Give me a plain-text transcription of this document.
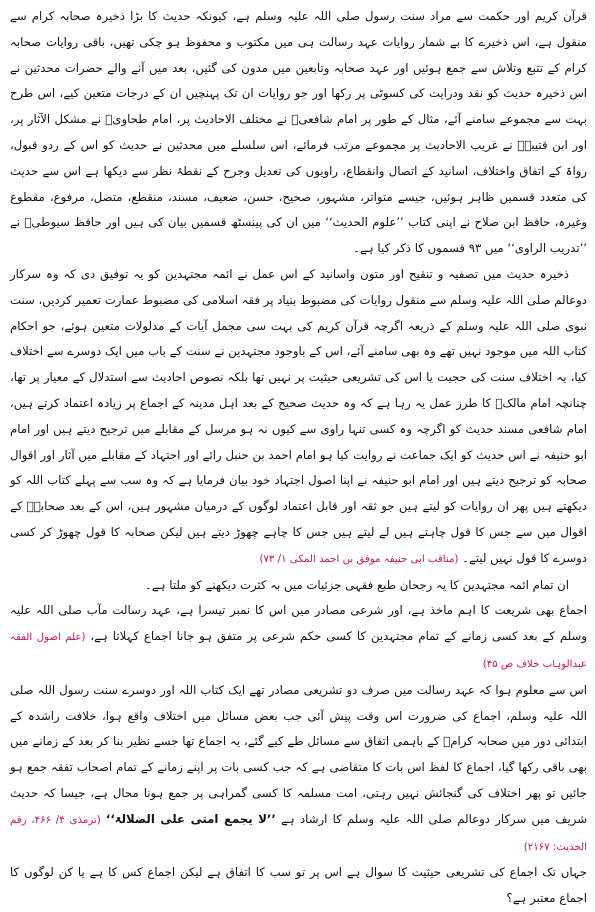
قرآن کریم اور حکمت سے مراد سنت رسول صلی اللہ علیہ وسلم ہے، کیونکہ حدیث کا بڑا ذخیرہ صحابہ کرام سے منقول ہے، اس ذخیرے کا بے شمار روایات عہد رسالت ہی میں مکتوب و محفوظ ہو چکی تھیں، باقی روایات صحابہ کرام کے تتبع وتلاش سے جمع ہوئیں اور عہد صحابہ وتابعین میں مدون کی گئیں، بعد میں آنے والے حضرات محدثین نے اس ذخیرہ حدیث کو نقد ودرایت کی کسوٹی پر رکھا اور جو روایات ان تک پہنچیں ان کے درجات متعین کیے، اس طرح بہت سے مجموعے سامنے آئے، مثال کے طور پر امام شافعیؒ نے مختلف الاحادیث پر، امام طحاویؒ نے مشکل الآثار پر، اور ابن قتیبہؒ نے غریب الاحادیث پر مجموعے مرتب فرمائے، اس سلسلے میں محدثین نے حدیث کو اس کے ردو قبول، رواۃ کے اتفاق واختلاف، اسانید کے اتصال وانقطاع، راویوں کی تعدیل وجرح کے نقطۂ نظر سے دیکھا ہے اس سے حدیث کی متعدد قسمیں ظاہر ہوئیں، جیسے متواتر، مشہور، صحیح، حسن، ضعیف، مسند، منقطع، متصل، مرفوع، مقطوع وغیرہ، حافظ ابن صلاح نے اپنی کتاب ’’علوم الحدیث‘‘ میں ان کی پینسٹھ قسمیں بیان کی ہیں اور حافظ سیوطیؒ نے ’’تدریب الراوی‘‘ میں ۹۳ قسموں کا ذکر کیا ہے۔

ذخیرہ حدیث میں تصفیہ و تنقیح اور متون واسانید کے اس عمل نے ائمہ مجتہدین کو یہ توفیق دی کہ وہ سرکار دوعالم صلی اللہ علیہ وسلم سے منقول روایات کی مضبوط بنیاد پر فقہ اسلامی کی مضبوط عمارت تعمیر کردیں، سنت نبوی صلی اللہ علیہ وسلم کے ذریعہ اگرچہ قرآن کریم کی بہت سی مجمل آیات کے مدلولات متعین ہوئے، جو احکام کتاب اللہ میں موجود نہیں تھے وہ بھی سامنے آئے، اس کے باوجود مجتہدین نے سنت کے باب میں ایک دوسرے سے اختلاف کیا، یہ اختلاف سنت کی حجیت یا اس کی تشریعی حیثیت پر نہیں تھا بلکہ نصوص احادیث سے استدلال کے معیار پر تھا، چنانچہ امام مالکؒ کا طرز عمل یہ رہا ہے کہ وہ حدیث صحیح کے بعد اہل مدینہ کے اجماع پر زیادہ اعتماد کرتے ہیں، امام شافعی مسند حدیث کو اگرچہ وہ کسی تنہا راوی سے کیوں نہ ہو مرسل کے مقابلے میں ترجیح دیتے ہیں اور امام ابو حنیفہ نے اس حدیث کو ایک جماعت نے روایت کیا ہو امام احمد بن حنبل رائے اور اجتہاد کے مقابلے میں آثار اور اقوال صحابہ کو ترجیح دیتے ہیں اور امام ابو حنیفہ نے اپنا اصول اجتہاد خود بیان فرمایا ہے کہ وہ سب سے پہلے کتاب اللہ کو دیکھتے ہیں پھر ان روایات کو لیتے ہیں جو ثقہ اور قابل اعتماد لوگوں کے درمیان مشہور ہیں، اس کے بعد صحابہؓ کے اقوال میں سے جس کا قول چاہتے ہیں لے لیتے ہیں جس کا چاہے چھوڑ دیتے ہیں لیکن صحابہ کا قول چھوڑ کر کسی دوسرے کا قول نہیں لیتے۔ (مناقب ابی حنیفہ موفق بن احمد المکی ۱/ ۷۳)

ان تمام ائمہ مجتہدین کا یہ رجحان طبع فقہی جزئیات میں بہ کثرت دیکھنے کو ملتا ہے۔

اجماع بھی شریعت کا اہم ماخذ ہے، اور شرعی مصادر میں اس کا نمبر تیسرا ہے، عہد رسالت مآب صلی اللہ علیہ وسلم کے بعد کسی زمانے کے تمام مجتہدین کا کسی حکم شرعی پر متفق ہو جانا اجماع کہلاتا ہے، (علم اصول الفقہ عبدالوہاب خلاف ص ۴۵)

اس سے معلوم ہوا کہ عہد رسالت میں صرف دو تشریعی مصادر تھے ایک کتاب اللہ اور دوسرے سنت رسول اللہ صلی اللہ علیہ وسلم، اجماع کی ضرورت اس وقت پیش آئی جب بعض مسائل میں اختلاف واقع ہوا، خلافت راشدہ کے ابتدائی دور میں صحابہ کرامؓ کے باہمی اتفاق سے مسائل طے کیے گئے، یہ اجماع تھا جسے نظیر بنا کر بعد کے زمانے میں بھی باقی رکھا گیا، اجماع کا لفظ اس بات کا متقاضی ہے کہ جب کسی بات پر اپنے زمانے کے تمام اصحاب تفقہ جمع ہو جائیں تو پھر اختلاف کی گنجائش نہیں رہتی، امت مسلمہ کا کسی گمراہی پر جمع ہونا محال ہے، جیسا کہ حدیث شریف میں سرکار دوعالم صلی اللہ علیہ وسلم کا ارشاد ہے ’’لا یجمع امتی علی الضلالۃ‘‘ (ترمذی ۴/ ۴۶۶، رقم الحدیث: ۲۱۶۷)

جہاں تک اجماع کی تشریعی حیثیت کا سوال ہے اس پر تو سب کا اتفاق ہے لیکن اجماع کس کا ہے یا کن لوگوں کا اجماع معتبر ہے؟
